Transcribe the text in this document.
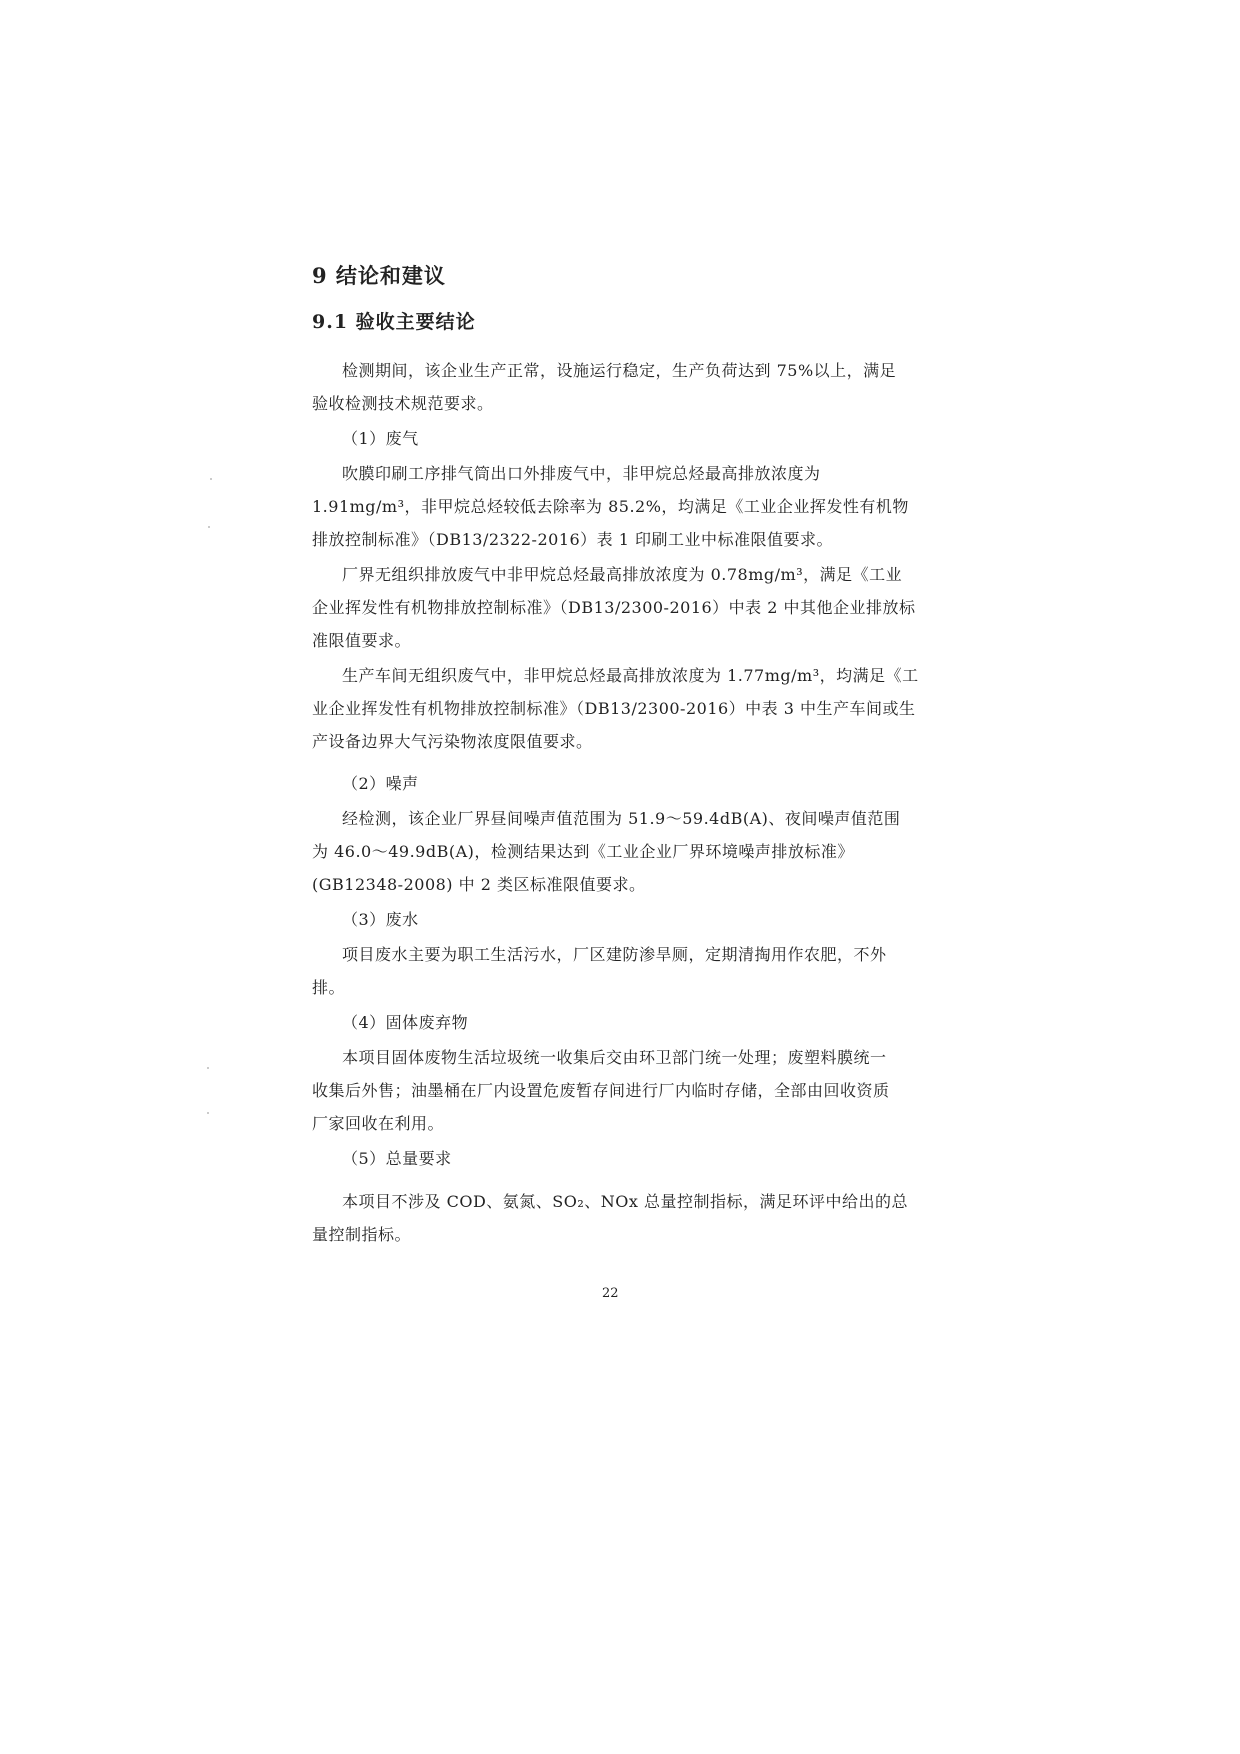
9 结论和建议
9.1 验收主要结论
检测期间，该企业生产正常，设施运行稳定，生产负荷达到 75%以上，满足
验收检测技术规范要求。
（1）废气
吹膜印刷工序排气筒出口外排废气中，非甲烷总烃最高排放浓度为
1.91mg/m³，非甲烷总烃较低去除率为 85.2%，均满足《工业企业挥发性有机物
排放控制标准》（DB13/2322-2016）表 1 印刷工业中标准限值要求。
厂界无组织排放废气中非甲烷总烃最高排放浓度为 0.78mg/m³，满足《工业
企业挥发性有机物排放控制标准》（DB13/2300-2016）中表 2 中其他企业排放标
准限值要求。
生产车间无组织废气中，非甲烷总烃最高排放浓度为 1.77mg/m³，均满足《工
业企业挥发性有机物排放控制标准》（DB13/2300-2016）中表 3 中生产车间或生
产设备边界大气污染物浓度限值要求。
（2）噪声
经检测，该企业厂界昼间噪声值范围为 51.9～59.4dB(A)、夜间噪声值范围
为 46.0～49.9dB(A)，检测结果达到《工业企业厂界环境噪声排放标准》
(GB12348-2008) 中 2 类区标准限值要求。
（3）废水
项目废水主要为职工生活污水，厂区建防渗旱厕，定期清掏用作农肥，不外
排。
（4）固体废弃物
本项目固体废物生活垃圾统一收集后交由环卫部门统一处理；废塑料膜统一
收集后外售；油墨桶在厂内设置危废暂存间进行厂内临时存储，全部由回收资质
厂家回收在利用。
（5）总量要求
本项目不涉及 COD、氨氮、SO₂、NOx 总量控制指标，满足环评中给出的总
量控制指标。
22
